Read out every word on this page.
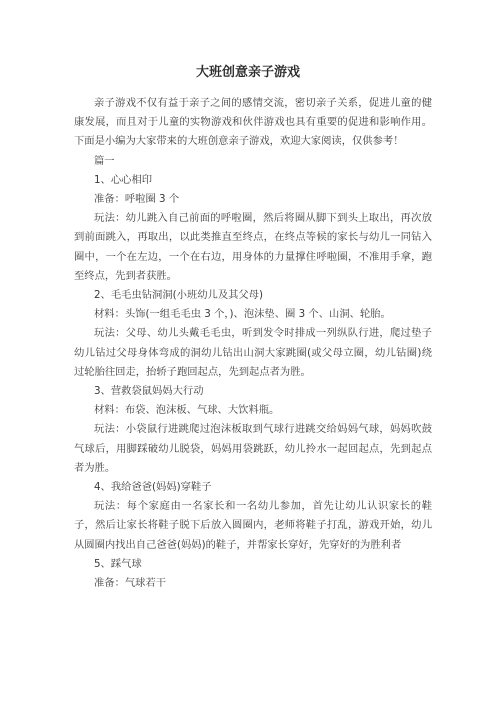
大班创意亲子游戏

亲子游戏不仅有益于亲子之间的感情交流，密切亲子关系，促进儿童的健康发展，而且对于儿童的实物游戏和伙伴游戏也具有重要的促进和影响作用。下面是小编为大家带来的大班创意亲子游戏，欢迎大家阅读，仅供参考！

篇一

1、心心相印

准备：呼啦圈 3 个

玩法：幼儿跳入自己前面的呼啦圈，然后将圈从脚下到头上取出，再次放到前面跳入，再取出，以此类推直至终点，在终点等候的家长与幼儿一同钻入圈中，一个在左边，一个在右边，用身体的力量撑住呼啦圈，不准用手拿，跑至终点，先到者获胜。

2、毛毛虫钻洞洞(小班幼儿及其父母)

材料：头饰(一组毛毛虫 3 个，)、泡沫垫、圈 3 个、山洞、轮胎。

玩法：父母、幼儿头戴毛毛虫，听到发令时排成一列纵队行进，爬过垫子幼儿钻过父母身体弯成的洞幼儿钻出山洞大家跳圈(或父母立圈，幼儿钻圈)绕过轮胎往回走，抬轿子跑回起点，先到起点者为胜。

3、营救袋鼠妈妈大行动

材料：布袋、泡沫板、气球、大饮料瓶。

玩法：小袋鼠行进跳爬过泡沫板取到气球行进跳交给妈妈气球，妈妈吹鼓气球后，用脚踩破幼儿脱袋，妈妈用袋跳跃，幼儿拎水一起回起点，先到起点者为胜。

4、我给爸爸(妈妈)穿鞋子

玩法：每个家庭由一名家长和一名幼儿参加，首先让幼儿认识家长的鞋子，然后让家长将鞋子脱下后放入圆圈内，老师将鞋子打乱，游戏开始，幼儿从圆圈内找出自己爸爸(妈妈)的鞋子，并帮家长穿好，先穿好的为胜利者

5、踩气球

准备：气球若干
